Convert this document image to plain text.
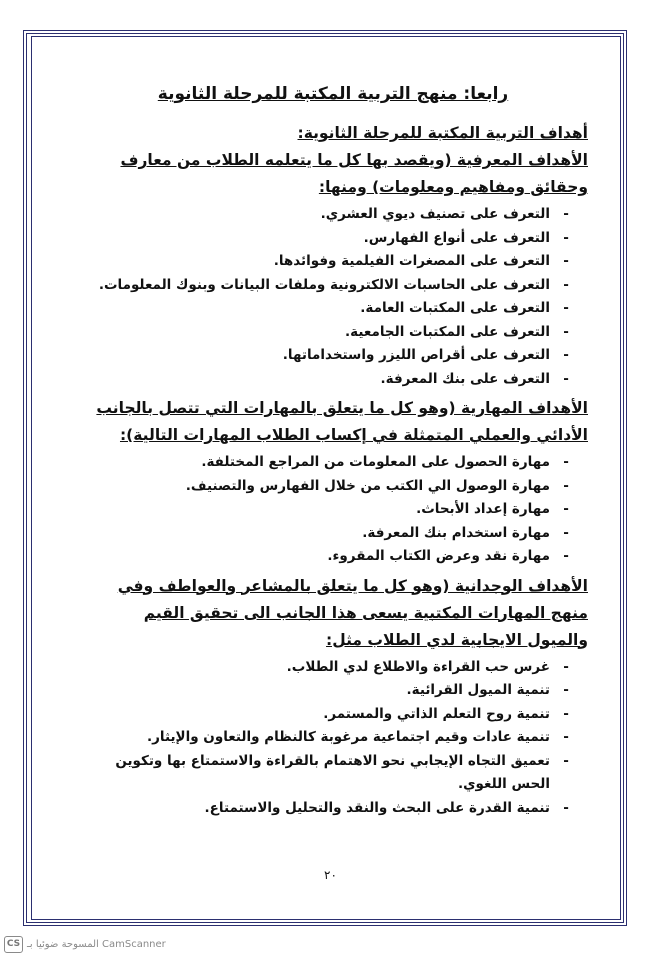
رابعا: منهج التربية المكتبة للمرحلة الثانوية
أهداف التربية المكتبة للمرحلة الثانوية:
الأهداف المعرفية (ويقصد بها كل ما يتعلمه الطلاب من معارف وحقائق ومفاهيم ومعلومات) ومنها:
-
التعرف على تصنيف ديوي العشري.
-
التعرف على أنواع الفهارس.
-
التعرف على المصغرات الفيلمية وفوائدها.
-
التعرف على الحاسبات الالكترونية وملفات البيانات وبنوك المعلومات.
-
التعرف على المكتبات العامة.
-
التعرف على المكتبات الجامعية.
-
التعرف على أقراص الليزر واستخداماتها.
-
التعرف على بنك المعرفة.
الأهداف المهارية (وهو كل ما يتعلق بالمهارات التي تتصل بالجانب الأدائي والعملي المتمثلة في إكساب الطلاب المهارات التالية):
-
مهارة الحصول على المعلومات من المراجع المختلفة.
-
مهارة الوصول الي الكتب من خلال الفهارس والتصنيف.
-
مهارة إعداد الأبحاث.
-
مهارة استخدام بنك المعرفة.
-
مهارة نقد وعرض الكتاب المقروء.
الأهداف الوجدانية (وهو كل ما يتعلق بالمشاعر والعواطف وفي منهج المهارات المكتبية يسعى هذا الجانب الى تحقيق القيم والميول الايجابية لدي الطلاب مثل:
-
غرس حب القراءة والاطلاع لدي الطلاب.
-
تنمية الميول القرائية.
-
تنمية روح التعلم الذاتي والمستمر.
-
تنمية عادات وقيم اجتماعية مرغوبة كالنظام والتعاون والإيثار.
-
تعميق التجاه الإيجابي نحو الاهتمام بالقراءة والاستمتاع بها وتكوين الحس اللغوي.
-
تنمية القدرة على البحث والنقد والتحليل والاستمتاع.
٢٠
CS المسوحة ضوئيا بـ CamScanner
